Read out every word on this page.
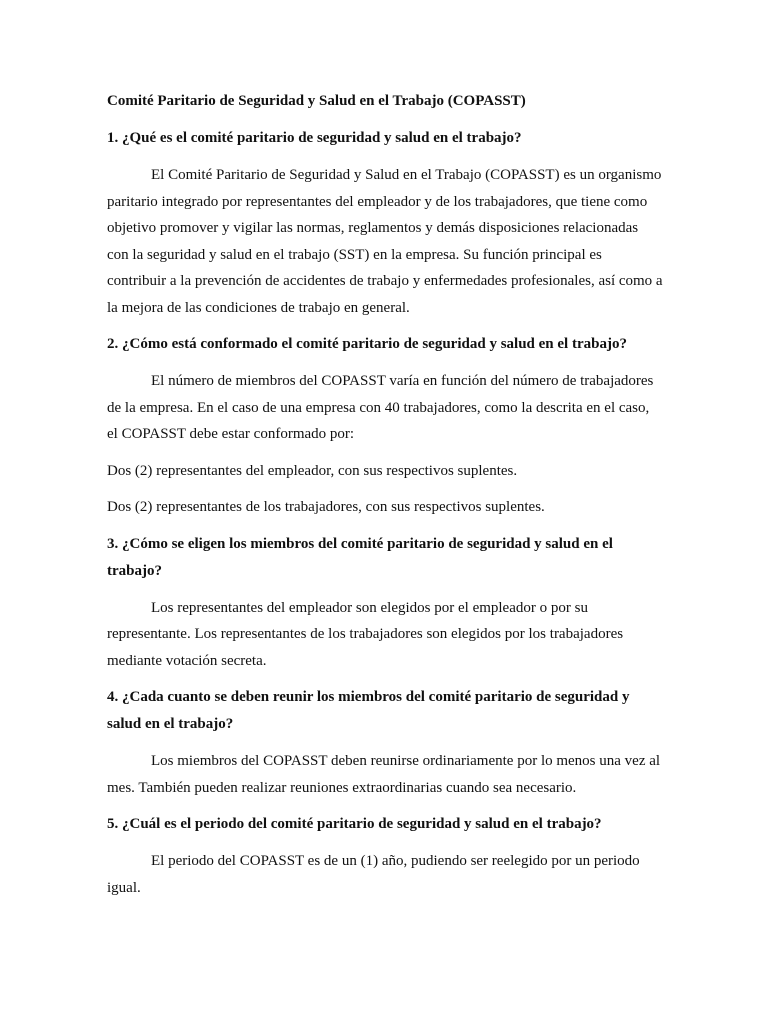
Comité Paritario de Seguridad y Salud en el Trabajo (COPASST)
1. ¿Qué es el comité paritario de seguridad y salud en el trabajo?
El Comité Paritario de Seguridad y Salud en el Trabajo (COPASST) es un organismo paritario integrado por representantes del empleador y de los trabajadores, que tiene como objetivo promover y vigilar las normas, reglamentos y demás disposiciones relacionadas con la seguridad y salud en el trabajo (SST) en la empresa. Su función principal es contribuir a la prevención de accidentes de trabajo y enfermedades profesionales, así como a la mejora de las condiciones de trabajo en general.
2. ¿Cómo está conformado el comité paritario de seguridad y salud en el trabajo?
El número de miembros del COPASST varía en función del número de trabajadores de la empresa. En el caso de una empresa con 40 trabajadores, como la descrita en el caso, el COPASST debe estar conformado por:
Dos (2) representantes del empleador, con sus respectivos suplentes.
Dos (2) representantes de los trabajadores, con sus respectivos suplentes.
3. ¿Cómo se eligen los miembros del comité paritario de seguridad y salud en el trabajo?
Los representantes del empleador son elegidos por el empleador o por su representante. Los representantes de los trabajadores son elegidos por los trabajadores mediante votación secreta.
4. ¿Cada cuanto se deben reunir los miembros del comité paritario de seguridad y salud en el trabajo?
Los miembros del COPASST deben reunirse ordinariamente por lo menos una vez al mes. También pueden realizar reuniones extraordinarias cuando sea necesario.
5. ¿Cuál es el periodo del comité paritario de seguridad y salud en el trabajo?
El periodo del COPASST es de un (1) año, pudiendo ser reelegido por un periodo igual.
